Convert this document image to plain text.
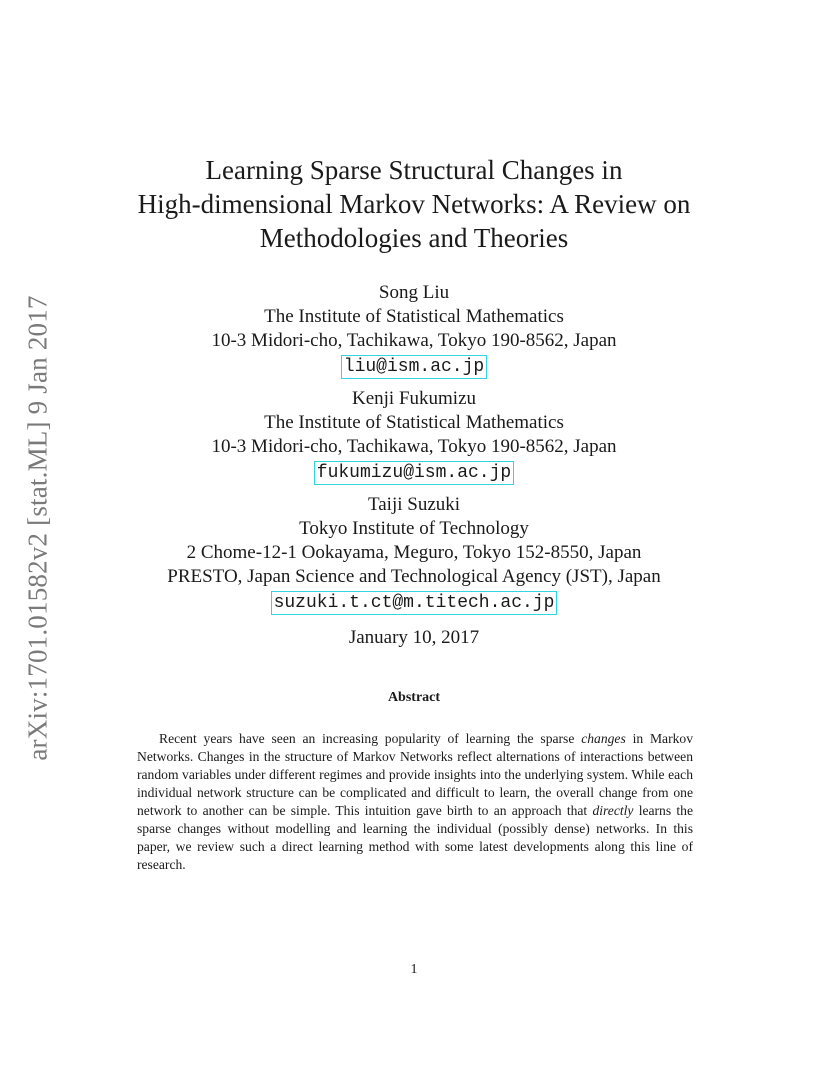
arXiv:1701.01582v2 [stat.ML] 9 Jan 2017
Learning Sparse Structural Changes in
High-dimensional Markov Networks: A Review on
Methodologies and Theories
Song Liu
The Institute of Statistical Mathematics
10-3 Midori-cho, Tachikawa, Tokyo 190-8562, Japan
liu@ism.ac.jp
Kenji Fukumizu
The Institute of Statistical Mathematics
10-3 Midori-cho, Tachikawa, Tokyo 190-8562, Japan
fukumizu@ism.ac.jp
Taiji Suzuki
Tokyo Institute of Technology
2 Chome-12-1 Ookayama, Meguro, Tokyo 152-8550, Japan
PRESTO, Japan Science and Technological Agency (JST), Japan
suzuki.t.ct@m.titech.ac.jp
January 10, 2017
Abstract

Recent years have seen an increasing popularity of learning the sparse changes in Markov Networks. Changes in the structure of Markov Networks reflect alternations of interactions between random variables under different regimes and provide insights into the underlying system. While each individual network structure can be complicated and difficult to learn, the overall change from one network to another can be simple. This intuition gave birth to an approach that directly learns the sparse changes without modelling and learning the individual (possibly dense) networks. In this paper, we review such a direct learning method with some latest developments along this line of research.

1
